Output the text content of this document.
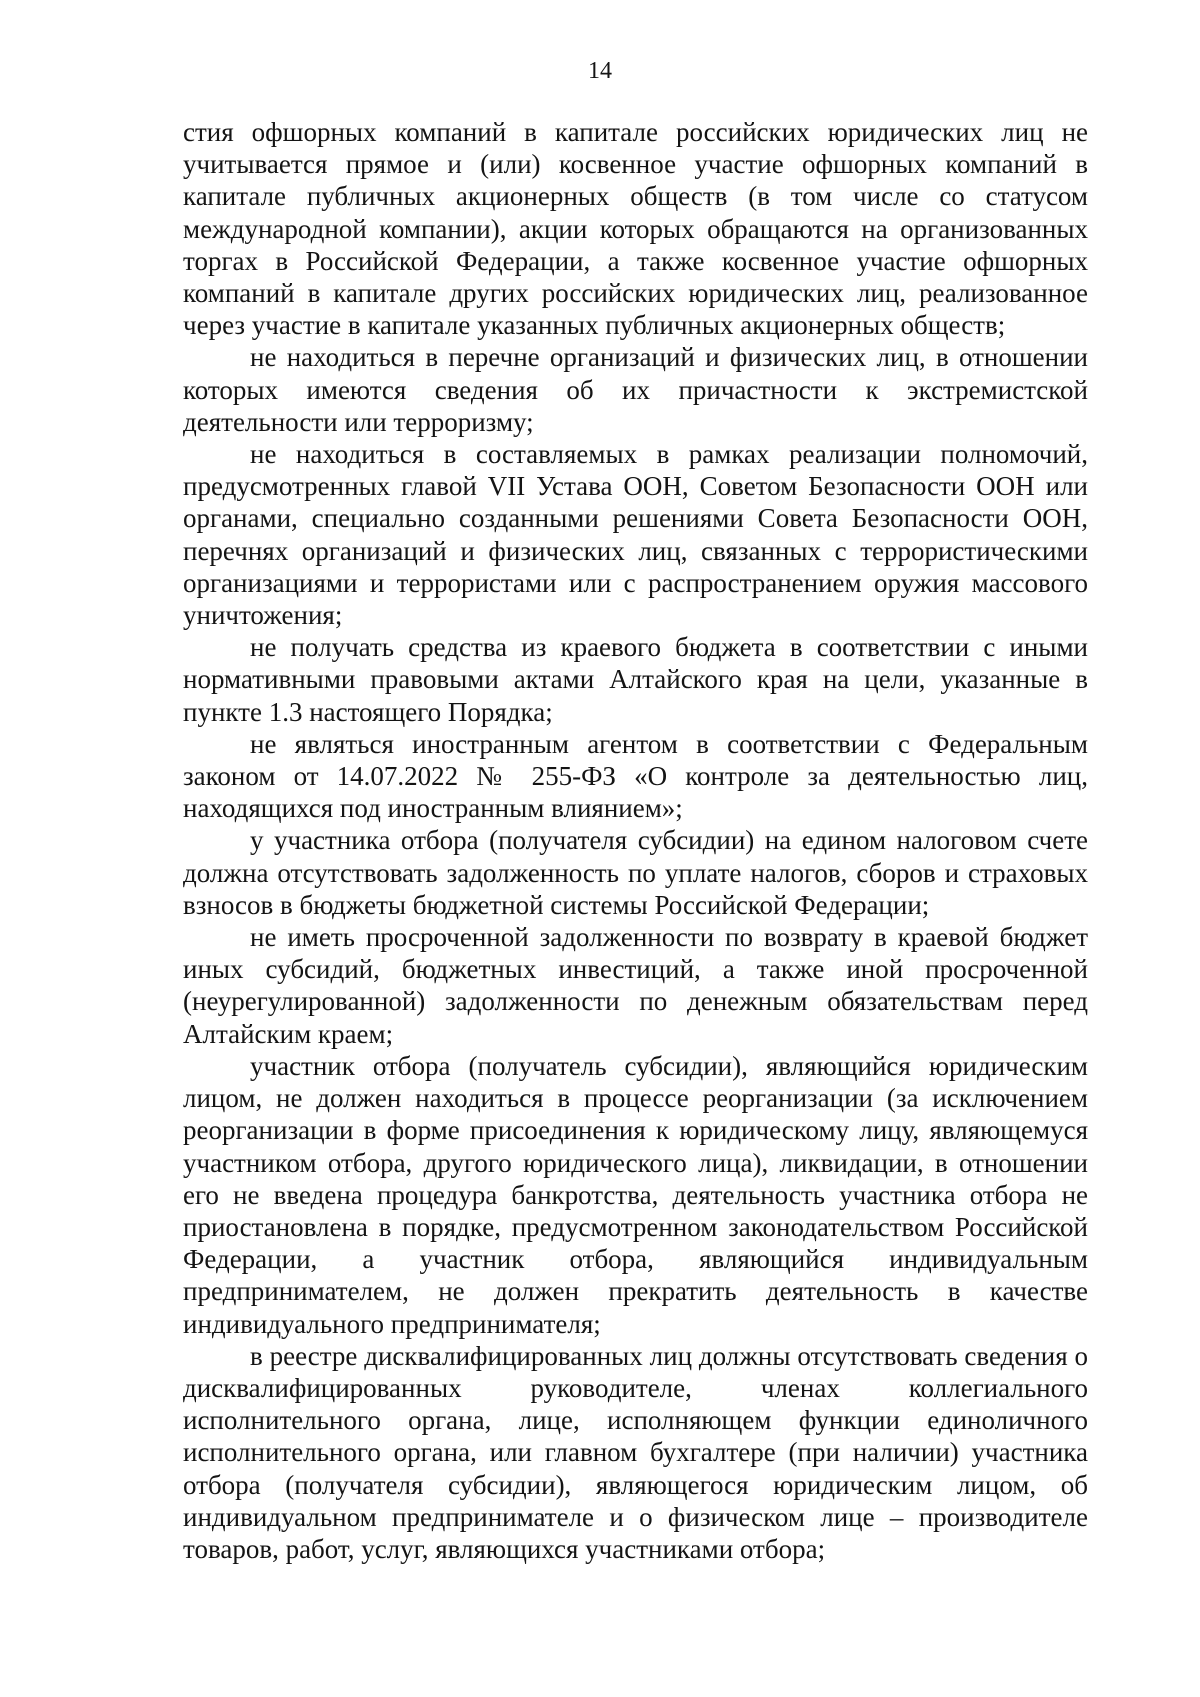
14

стия офшорных компаний в капитале российских юридических лиц не учитывается прямое и (или) косвенное участие офшорных компаний в капитале публичных акционерных обществ (в том числе со статусом международной компании), акции которых обращаются на организованных торгах в Российской Федерации, а также косвенное участие офшорных компаний в капитале других российских юридических лиц, реализованное через участие в капитале указанных публичных акционерных обществ;

не находиться в перечне организаций и физических лиц, в отношении которых имеются сведения об их причастности к экстремистской деятельности или терроризму;

не находиться в составляемых в рамках реализации полномочий, предусмотренных главой VII Устава ООН, Советом Безопасности ООН или органами, специально созданными решениями Совета Безопасности ООН, перечнях организаций и физических лиц, связанных с террористическими организациями и террористами или с распространением оружия массового уничтожения;

не получать средства из краевого бюджета в соответствии с иными нормативными правовыми актами Алтайского края на цели, указанные в пункте 1.3 настоящего Порядка;

не являться иностранным агентом в соответствии с Федеральным законом от 14.07.2022 № 255-ФЗ «О контроле за деятельностью лиц, находящихся под иностранным влиянием»;

у участника отбора (получателя субсидии) на едином налоговом счете должна отсутствовать задолженность по уплате налогов, сборов и страховых взносов в бюджеты бюджетной системы Российской Федерации;

не иметь просроченной задолженности по возврату в краевой бюджет иных субсидий, бюджетных инвестиций, а также иной просроченной (неурегулированной) задолженности по денежным обязательствам перед Алтайским краем;

участник отбора (получатель субсидии), являющийся юридическим лицом, не должен находиться в процессе реорганизации (за исключением реорганизации в форме присоединения к юридическому лицу, являющемуся участником отбора, другого юридического лица), ликвидации, в отношении его не введена процедура банкротства, деятельность участника отбора не приостановлена в порядке, предусмотренном законодательством Российской Федерации, а участник отбора, являющийся индивидуальным предпринимателем, не должен прекратить деятельность в качестве индивидуального предпринимателя;

в реестре дисквалифицированных лиц должны отсутствовать сведения о дисквалифицированных руководителе, членах коллегиального исполнительного органа, лице, исполняющем функции единоличного исполнительного органа, или главном бухгалтере (при наличии) участника отбора (получателя субсидии), являющегося юридическим лицом, об индивидуальном предпринимателе и о физическом лице – производителе товаров, работ, услуг, являющихся участниками отбора;
